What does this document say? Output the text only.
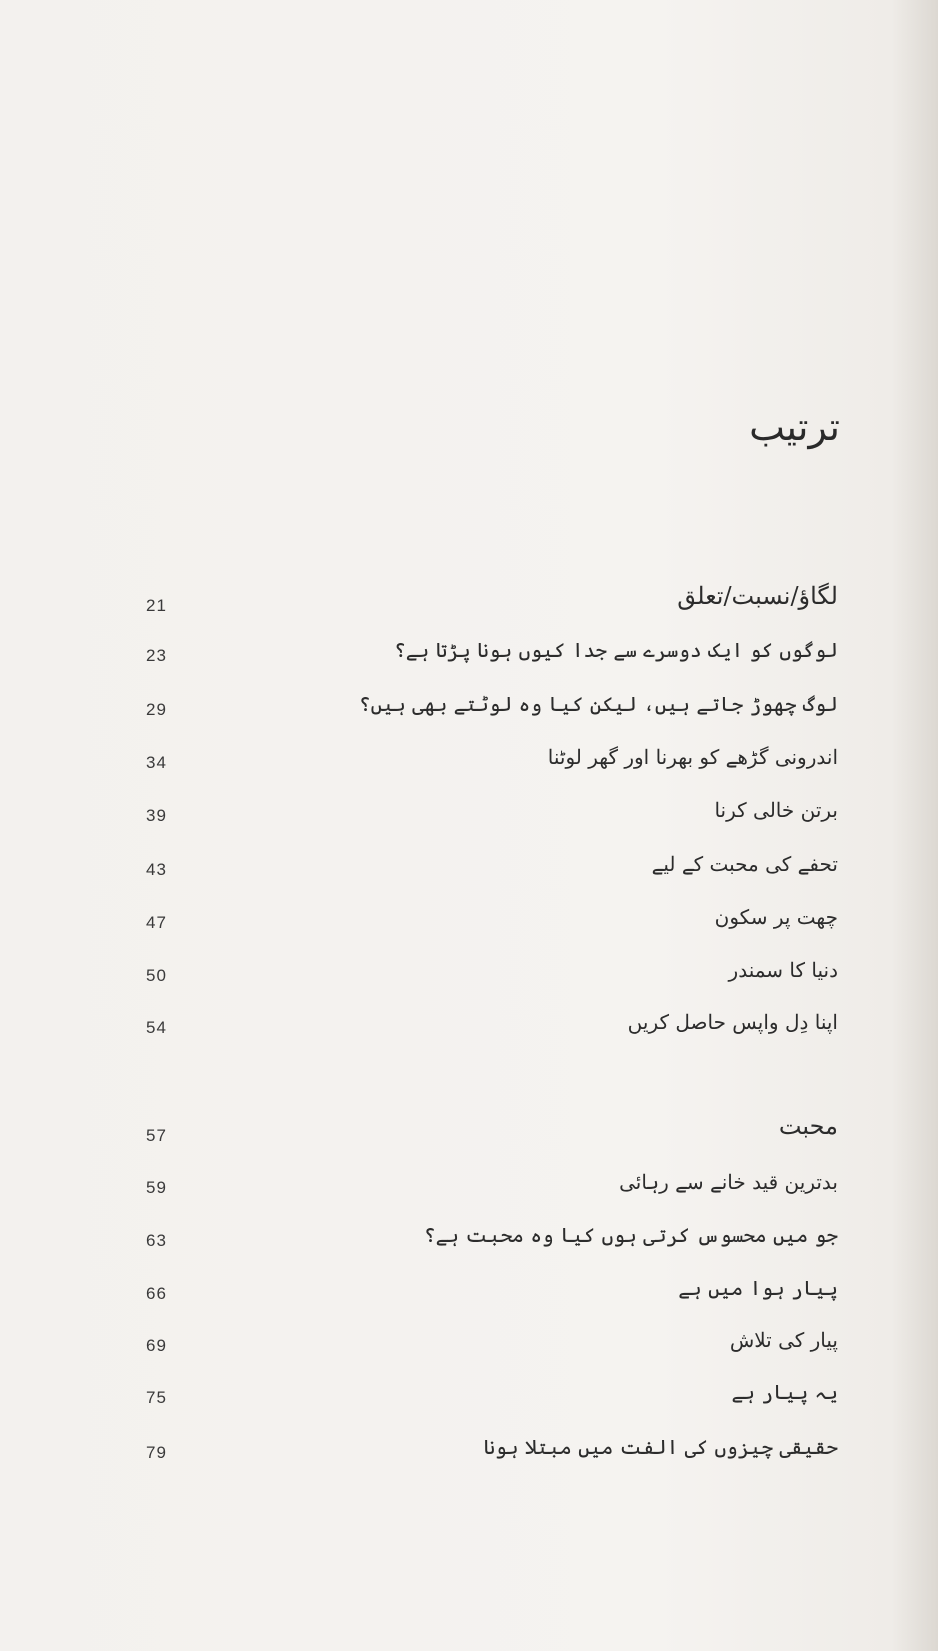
ترتیب
21	لگاؤ/نسبت/تعلق
23	لوگوں کو ایک دوسرے سے جدا کیوں ہونا پڑتا ہے؟
29	لوگ چھوڑ جاتے ہیں، لیکن کیا وہ لوٹتے بھی ہیں؟
34	اندرونی گڑھے کو بھرنا اور گھر لوٹنا
39	برتن خالی کرنا
43	تحفے کی محبت کے لیے
47	چھت پر سکون
50	دنیا کا سمندر
54	اپنا دِل واپس حاصل کریں
57	محبت
59	بدترین قید خانے سے رہائی
63	جو میں محسوس کرتی ہوں کیا وہ محبت ہے؟
66	پیار ہوا میں ہے
69	پیار کی تلاش
75	یہ پیار ہے
79	حقیقی چیزوں کی الفت میں مبتلا ہونا
